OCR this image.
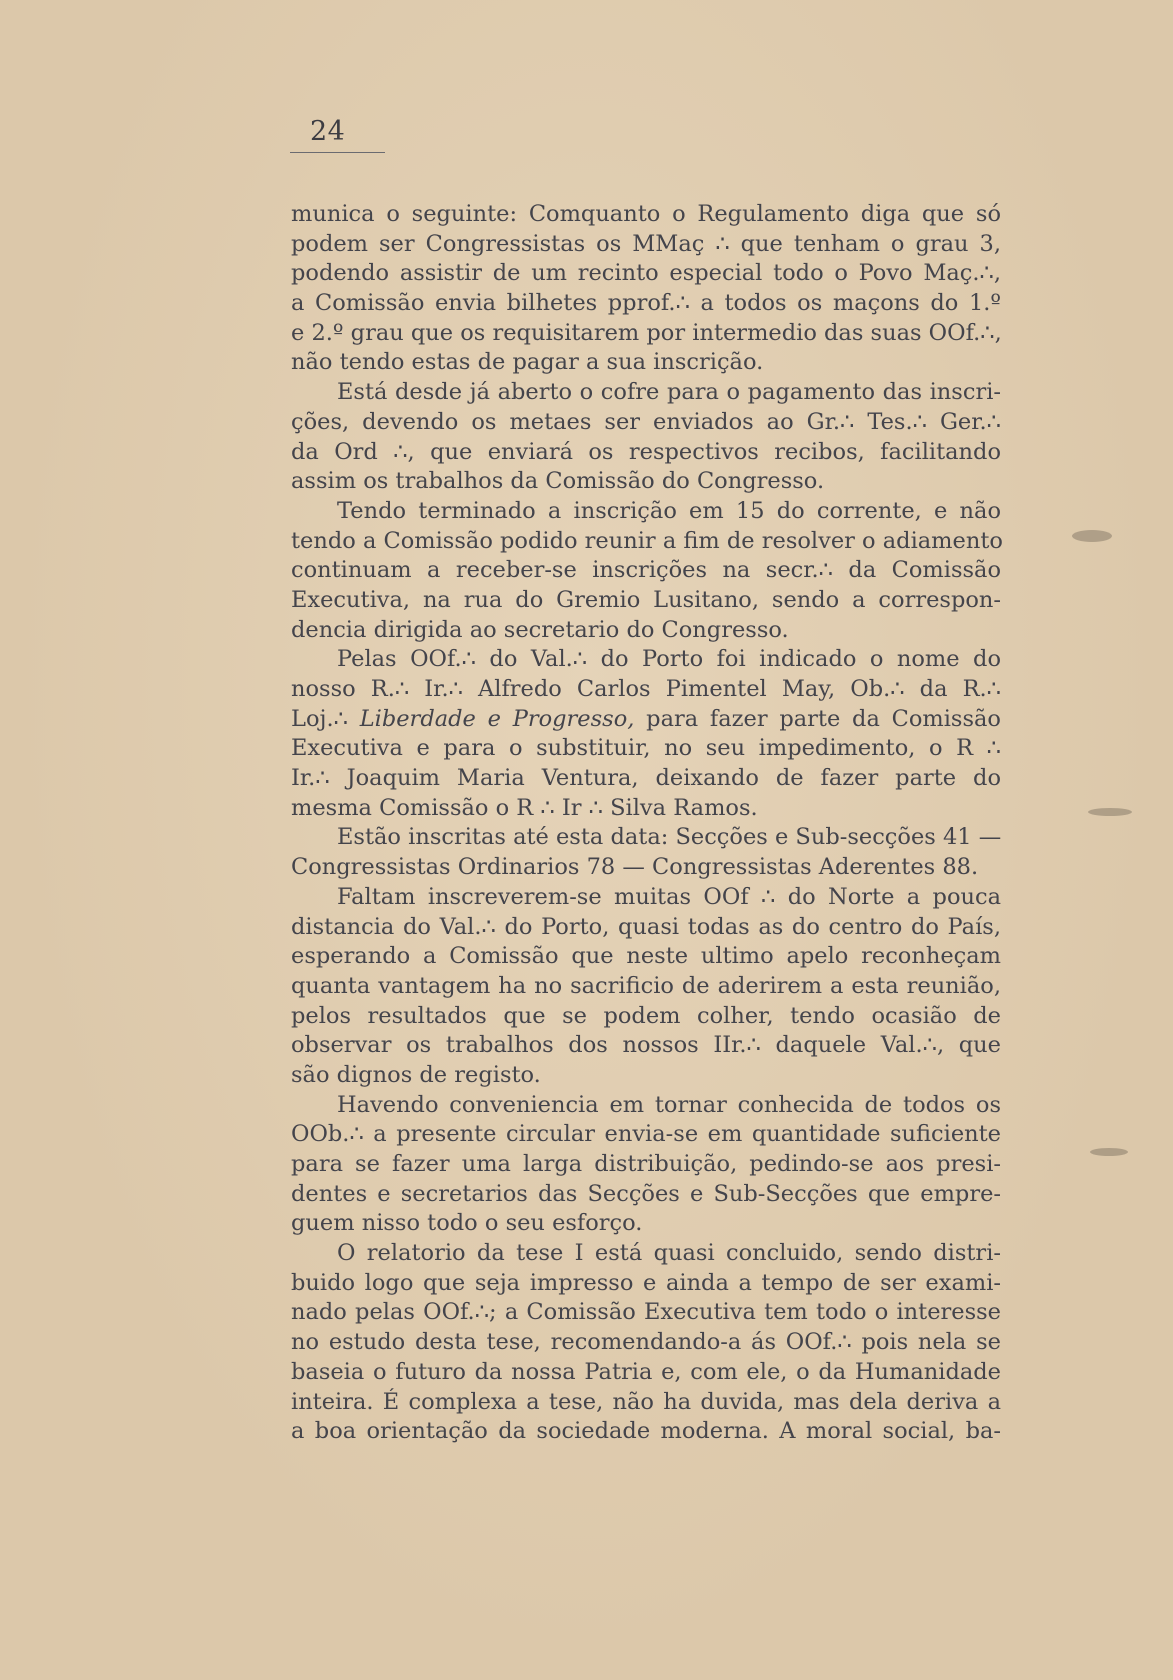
24
munica o seguinte: Comquanto o Regulamento diga que só
podem ser Congressistas os MMaç ∴ que tenham o grau 3,
podendo assistir de um recinto especial todo o Povo Maç.∴,
a Comissão envia bilhetes pprof.∴ a todos os maçons do 1.º
e 2.º grau que os requisitarem por intermedio das suas OOf.∴,
não tendo estas de pagar a sua inscrição.
Está desde já aberto o cofre para o pagamento das inscri-
ções, devendo os metaes ser enviados ao Gr.∴ Tes.∴ Ger.∴
da Ord ∴, que enviará os respectivos recibos, facilitando
assim os trabalhos da Comissão do Congresso.
Tendo terminado a inscrição em 15 do corrente, e não
tendo a Comissão podido reunir a fim de resolver o adiamento
continuam a receber-se inscrições na secr.∴ da Comissão
Executiva, na rua do Gremio Lusitano, sendo a correspon-
dencia dirigida ao secretario do Congresso.
Pelas OOf.∴ do Val.∴ do Porto foi indicado o nome do
nosso R.∴ Ir.∴ Alfredo Carlos Pimentel May, Ob.∴ da R.∴
Loj.∴ Liberdade e Progresso, para fazer parte da Comissão
Executiva e para o substituir, no seu impedimento, o R ∴
Ir.∴ Joaquim Maria Ventura, deixando de fazer parte do
mesma Comissão o R ∴ Ir ∴ Silva Ramos.
Estão inscritas até esta data: Secções e Sub-secções 41 —
Congressistas Ordinarios 78 — Congressistas Aderentes 88.
Faltam inscreverem-se muitas OOf ∴ do Norte a pouca
distancia do Val.∴ do Porto, quasi todas as do centro do País,
esperando a Comissão que neste ultimo apelo reconheçam
quanta vantagem ha no sacrificio de aderirem a esta reunião,
pelos resultados que se podem colher, tendo ocasião de
observar os trabalhos dos nossos IIr.∴ daquele Val.∴, que
são dignos de registo.
Havendo conveniencia em tornar conhecida de todos os
OOb.∴ a presente circular envia-se em quantidade suficiente
para se fazer uma larga distribuição, pedindo-se aos presi-
dentes e secretarios das Secções e Sub-Secções que empre-
guem nisso todo o seu esforço.
O relatorio da tese I está quasi concluido, sendo distri-
buido logo que seja impresso e ainda a tempo de ser exami-
nado pelas OOf.∴; a Comissão Executiva tem todo o interesse
no estudo desta tese, recomendando-a ás OOf.∴ pois nela se
baseia o futuro da nossa Patria e, com ele, o da Humanidade
inteira. É complexa a tese, não ha duvida, mas dela deriva a
a boa orientação da sociedade moderna. A moral social, ba-
